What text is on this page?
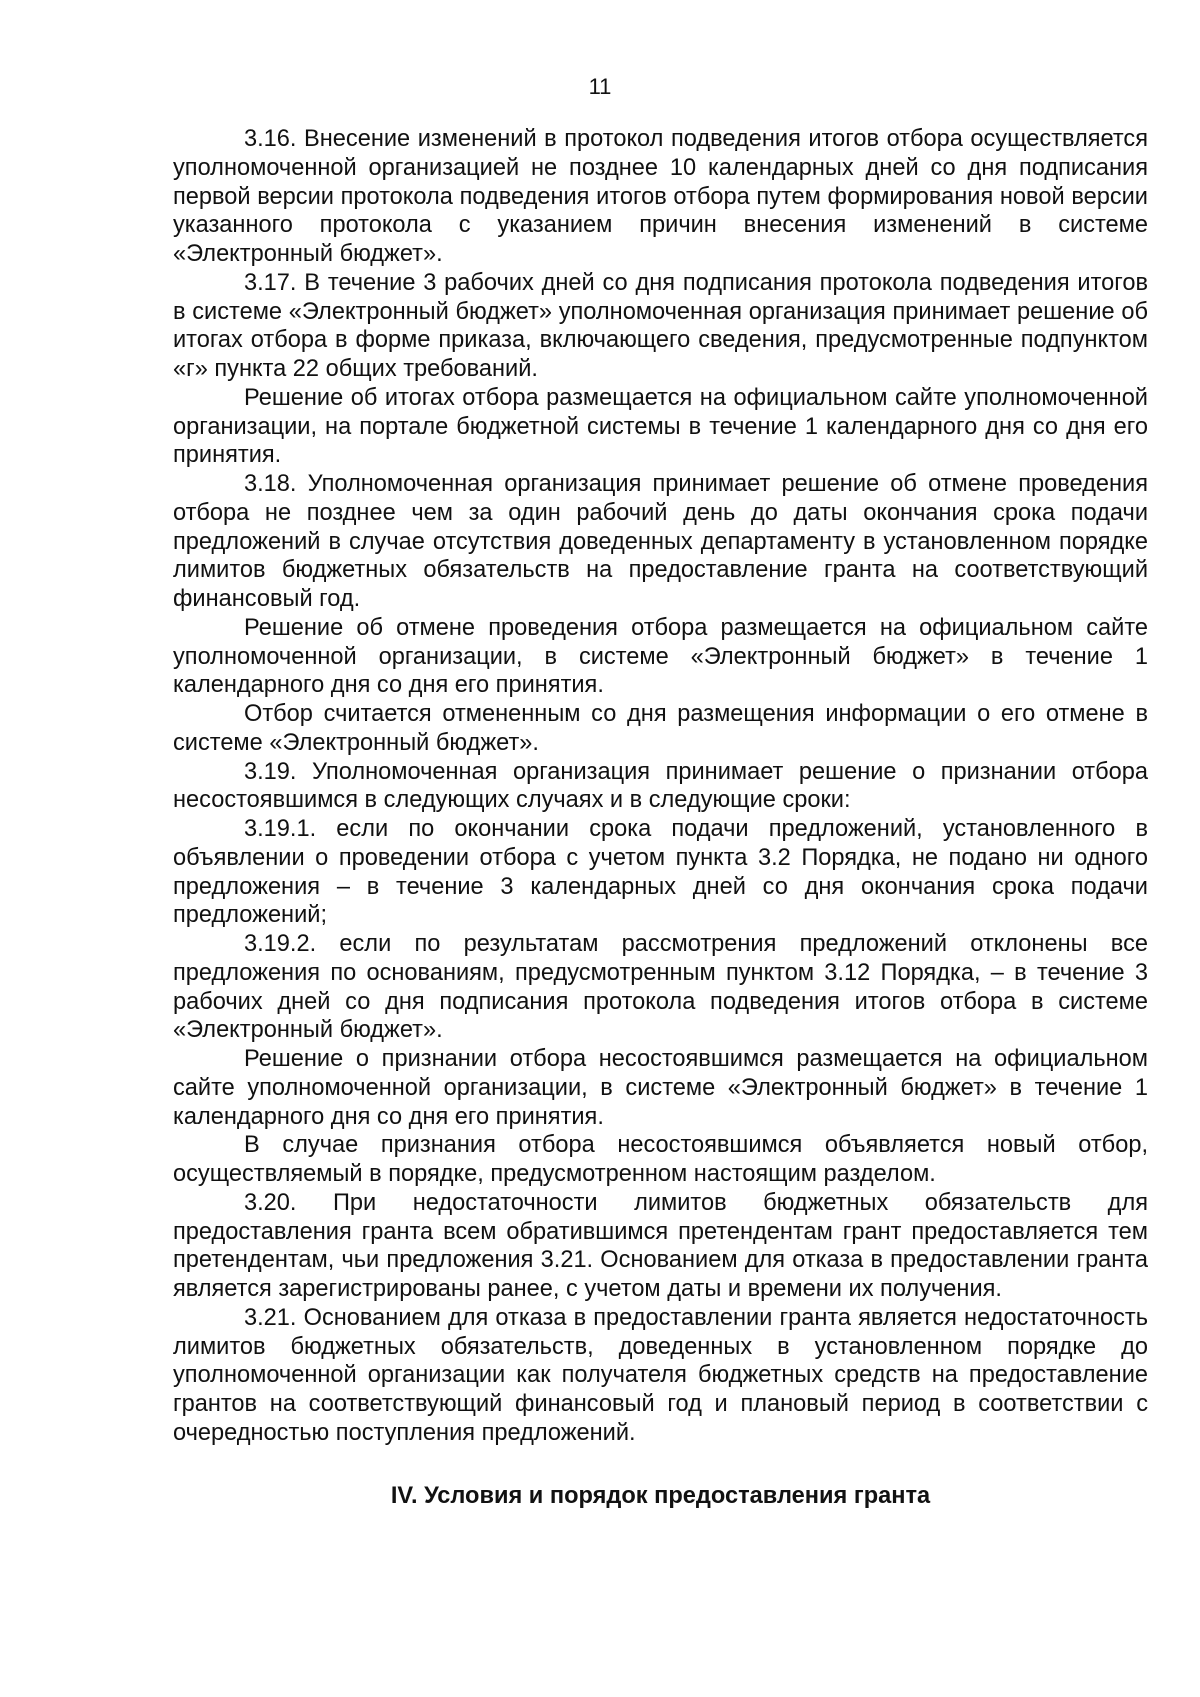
11

3.16. Внесение изменений в протокол подведения итогов отбора осуществляется уполномоченной организацией не позднее 10 календарных дней со дня подписания первой версии протокола подведения итогов отбора путем формирования новой версии указанного протокола с указанием причин внесения изменений в системе «Электронный бюджет».

3.17. В течение 3 рабочих дней со дня подписания протокола подведения итогов в системе «Электронный бюджет» уполномоченная организация принимает решение об итогах отбора в форме приказа, включающего сведения, предусмотренные подпунктом «г» пункта 22 общих требований.

Решение об итогах отбора размещается на официальном сайте уполномоченной организации, на портале бюджетной системы в течение 1 календарного дня со дня его принятия.

3.18. Уполномоченная организация принимает решение об отмене проведения отбора не позднее чем за один рабочий день до даты окончания срока подачи предложений в случае отсутствия доведенных департаменту в установленном порядке лимитов бюджетных обязательств на предоставление гранта на соответствующий финансовый год.

Решение об отмене проведения отбора размещается на официальном сайте уполномоченной организации, в системе «Электронный бюджет» в течение 1 календарного дня со дня его принятия.

Отбор считается отмененным со дня размещения информации о его отмене в системе «Электронный бюджет».

3.19. Уполномоченная организация принимает решение о признании отбора несостоявшимся в следующих случаях и в следующие сроки:

3.19.1. если по окончании срока подачи предложений, установленного в объявлении о проведении отбора с учетом пункта 3.2 Порядка, не подано ни одного предложения – в течение 3 календарных дней со дня окончания срока подачи предложений;

3.19.2. если по результатам рассмотрения предложений отклонены все предложения по основаниям, предусмотренным пунктом 3.12 Порядка, – в течение 3 рабочих дней со дня подписания протокола подведения итогов отбора в системе «Электронный бюджет».

Решение о признании отбора несостоявшимся размещается на официальном сайте уполномоченной организации, в системе «Электронный бюджет» в течение 1 календарного дня со дня его принятия.

В случае признания отбора несостоявшимся объявляется новый отбор, осуществляемый в порядке, предусмотренном настоящим разделом.

3.20. При недостаточности лимитов бюджетных обязательств для предоставления гранта всем обратившимся претендентам грант предоставляется тем претендентам, чьи предложения 3.21. Основанием для отказа в предоставлении гранта является зарегистрированы ранее, с учетом даты и времени их получения.

3.21. Основанием для отказа в предоставлении гранта является недостаточность лимитов бюджетных обязательств, доведенных в установленном порядке до уполномоченной организации как получателя бюджетных средств на предоставление грантов на соответствующий финансовый год и плановый период в соответствии с очередностью поступления предложений.

IV. Условия и порядок предоставления гранта
